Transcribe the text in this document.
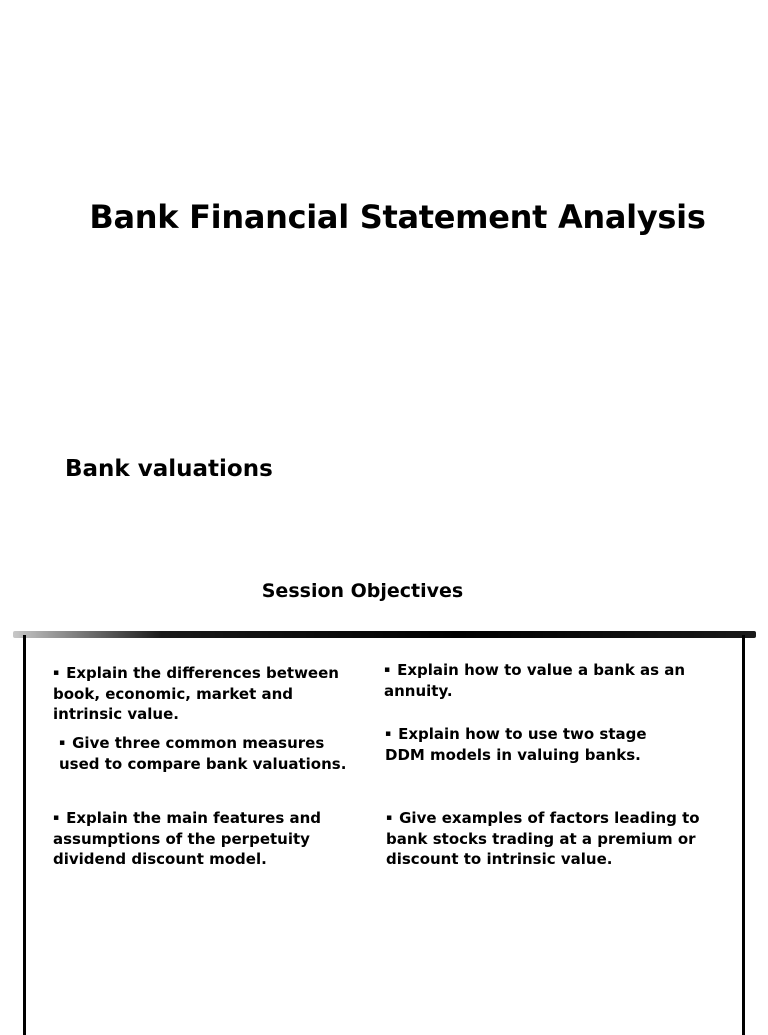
Bank Financial Statement Analysis
Bank valuations
Session Objectives
▪ Explain the differences between book, economic, market and intrinsic value.
▪ Give three common measures used to compare bank valuations.
▪ Explain the main features and assumptions of the perpetuity dividend discount model.
▪ Explain how to value a bank as an annuity.
▪ Explain how to use two stage DDM models in valuing banks.
▪ Give examples of factors leading to bank stocks trading at a premium or discount to intrinsic value.
